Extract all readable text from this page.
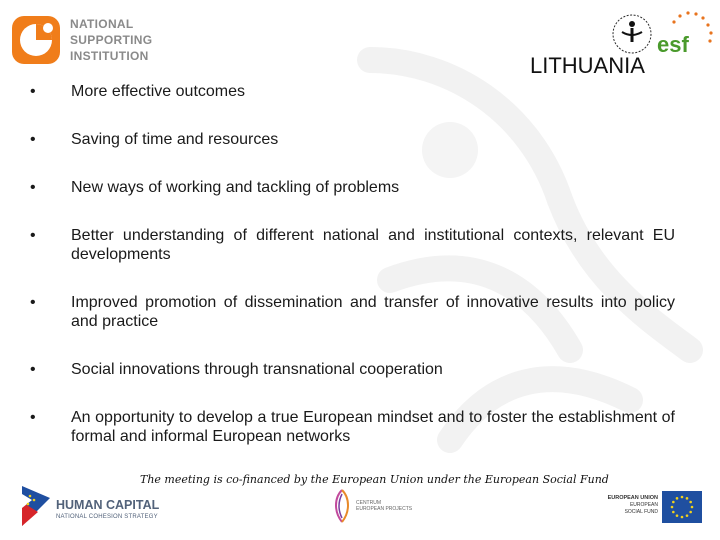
NATIONAL
SUPPORTING
INSTITUTION	esf
LITHUANIA
• More effective outcomes
• Saving of time and resources
• New ways of working and tackling of problems
• Better understanding of different national and institutional contexts, relevant EU developments
• Improved promotion of dissemination and transfer of innovative results into policy and practice
• Social innovations through transnational cooperation
• An opportunity to develop a true European mindset and to foster the establishment of formal and informal European networks
The meeting is co-financed by the European Union under the European Social Fund
HUMAN CAPITAL
NATIONAL COHESION STRATEGY
CENTRUM
EUROPEAN PROJECTS
EUROPEAN UNION
EUROPEAN
SOCIAL FUND
